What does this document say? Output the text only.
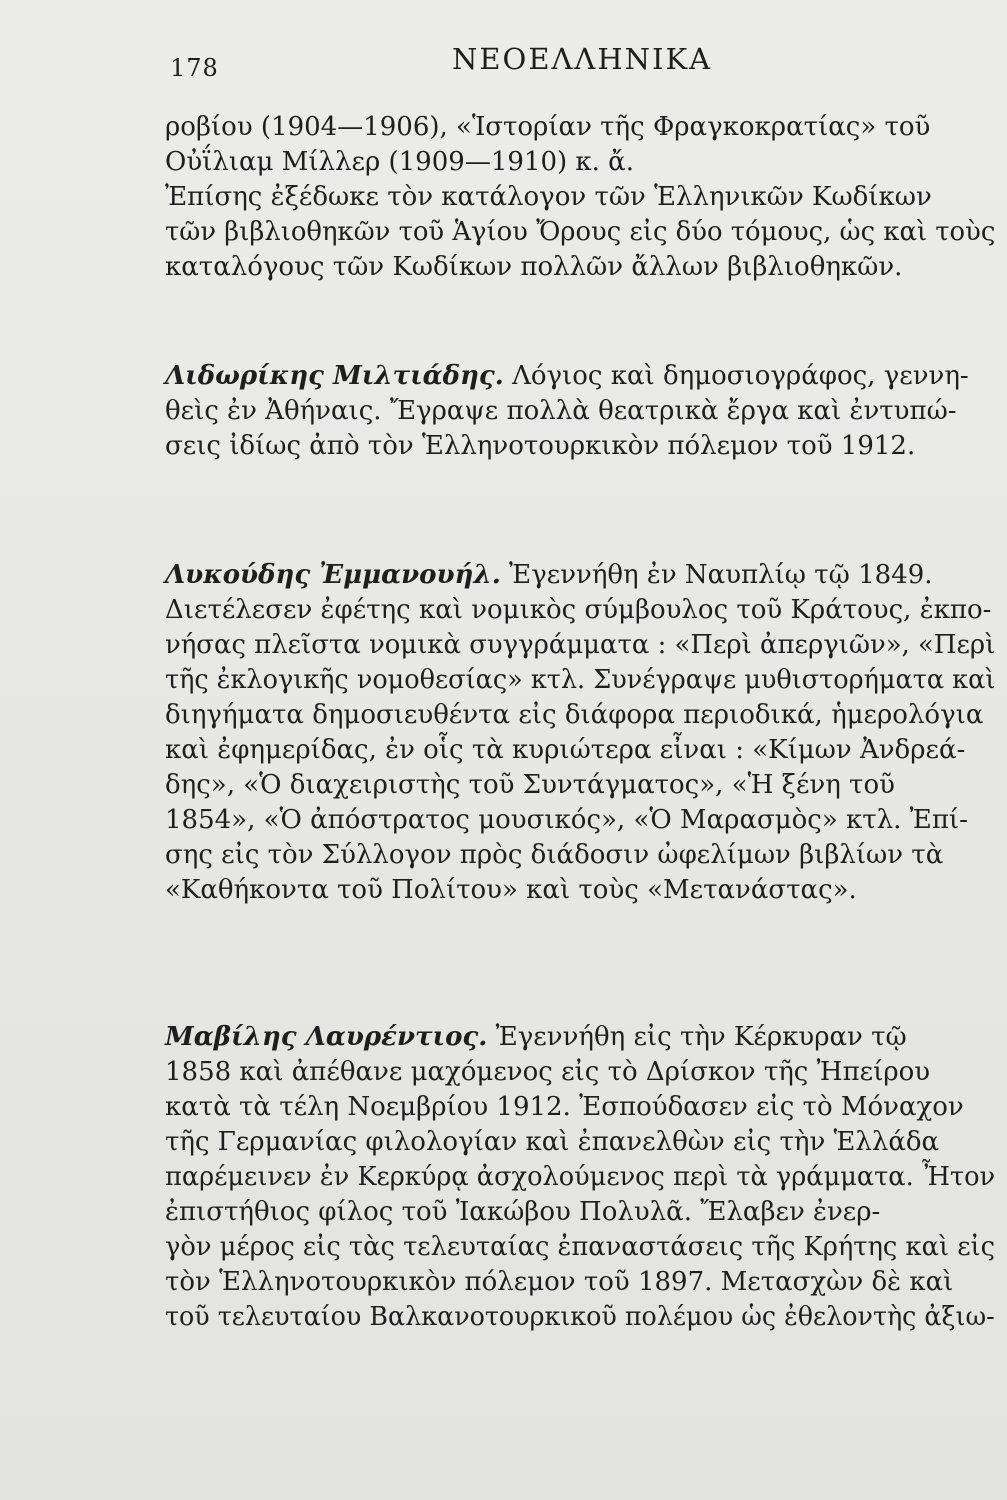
178	ΝΕΟΕΛΛΗΝΙΚΑ
ροβίου (1904—1906), «Ἱστορίαν τῆς Φραγκοκρατίας» τοῦ
Οὐΐλιαμ Μίλλερ (1909—1910) κ. ἄ.
Ἐπίσης ἐξέδωκε τὸν κατάλογον τῶν Ἑλληνικῶν Κωδίκων
τῶν βιβλιοθηκῶν τοῦ Ἁγίου Ὄρους εἰς δύο τόμους, ὡς καὶ τοὺς
καταλόγους τῶν Κωδίκων πολλῶν ἄλλων βιβλιοθηκῶν.
Λιδωρίκης Μιλτιάδης. Λόγιος καὶ δημοσιογράφος, γεννη-
θεὶς ἐν Ἀθήναις. Ἔγραψε πολλὰ θεατρικὰ ἔργα καὶ ἐντυπώ-
σεις ἰδίως ἀπὸ τὸν Ἑλληνοτουρκικὸν πόλεμον τοῦ 1912.
Λυκούδης Ἐμμανουήλ. Ἐγεννήθη ἐν Ναυπλίῳ τῷ 1849.
Διετέλεσεν ἐφέτης καὶ νομικὸς σύμβουλος τοῦ Κράτους, ἐκπο-
νήσας πλεῖστα νομικὰ συγγράμματα : «Περὶ ἀπεργιῶν», «Περὶ
τῆς ἐκλογικῆς νομοθεσίας» κτλ. Συνέγραψε μυθιστορήματα καὶ
διηγήματα δημοσιευθέντα εἰς διάφορα περιοδικά, ἡμερολόγια
καὶ ἐφημερίδας, ἐν οἷς τὰ κυριώτερα εἶναι : «Κίμων Ἀνδρεά-
δης», «Ὁ διαχειριστὴς τοῦ Συντάγματος», «Ἡ ξένη τοῦ
1854», «Ὁ ἀπόστρατος μουσικός», «Ὁ Μαρασμὸς» κτλ. Ἐπί-
σης εἰς τὸν Σύλλογον πρὸς διάδοσιν ὠφελίμων βιβλίων τὰ
«Καθήκοντα τοῦ Πολίτου» καὶ τοὺς «Μετανάστας».
Μαβίλης Λαυρέντιος. Ἐγεννήθη εἰς τὴν Κέρκυραν τῷ
1858 καὶ ἀπέθανε μαχόμενος εἰς τὸ Δρίσκον τῆς Ἠπείρου
κατὰ τὰ τέλη Νοεμβρίου 1912. Ἐσπούδασεν εἰς τὸ Μόναχον
τῆς Γερμανίας φιλολογίαν καὶ ἐπανελθὼν εἰς τὴν Ἑλλάδα
παρέμεινεν ἐν Κερκύρᾳ ἀσχολούμενος περὶ τὰ γράμματα. Ἦτον
ἐπιστήθιος φίλος τοῦ Ἰακώβου Πολυλᾶ. Ἔλαβεν ἐνερ-
γὸν μέρος εἰς τὰς τελευταίας ἐπαναστάσεις τῆς Κρήτης καὶ εἰς
τὸν Ἑλληνοτουρκικὸν πόλεμον τοῦ 1897. Μετασχὼν δὲ καὶ
τοῦ τελευταίου Βαλκανοτουρκικοῦ πολέμου ὡς ἐθελοντὴς ἀξιω-
